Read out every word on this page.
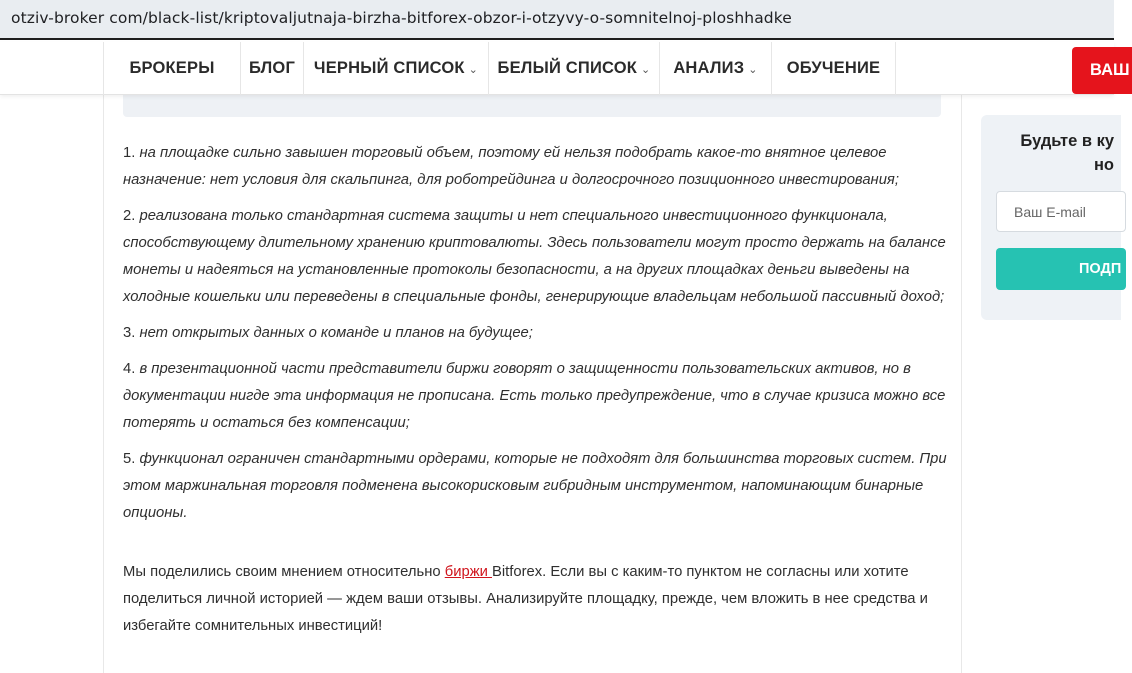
otziv-broker com/black-list/kriptovaljutnaja-birzha-bitforex-obzor-i-otzyvy-o-somnitelnoj-ploshhadke
БРОКЕРЫ БЛОГ ЧЕРНЫЙ СПИСОК ⌄ БЕЛЫЙ СПИСОК ⌄ АНАЛИЗ ⌄ ОБУЧЕНИЕ	ВАШ

1. на площадке сильно завышен торговый объем, поэтому ей нельзя подобрать какое-то внятное целевое назначение: нет условия для скальпинга, для роботрейдинга и долгосрочного позиционного инвестирования;

2. реализована только стандартная система защиты и нет специального инвестиционного функционала, способствующему длительному хранению криптовалюты. Здесь пользователи могут просто держать на балансе монеты и надеяться на установленные протоколы безопасности, а на других площадках деньги выведены на холодные кошельки или переведены в специальные фонды, генерирующие владельцам небольшой пассивный доход;

3. нет открытых данных о команде и планов на будущее;

4. в презентационной части представители биржи говорят о защищенности пользовательских активов, но в документации нигде эта информация не прописана. Есть только предупреждение, что в случае кризиса можно все потерять и остаться без компенсации;

5. функционал ограничен стандартными ордерами, которые не подходят для большинства торговых систем. При этом маржинальная торговля подменена высокорисковым гибридным инструментом, напоминающим бинарные опционы.

Мы поделились своим мнением относительно биржи Bitforex. Если вы с каким-то пунктом не согласны или хотите поделиться личной историей — ждем ваши отзывы. Анализируйте площадку, прежде, чем вложить в нее средства и избегайте сомнительных инвестиций!

Будьте в ку
но
Ваш E-mail
ПОДП
